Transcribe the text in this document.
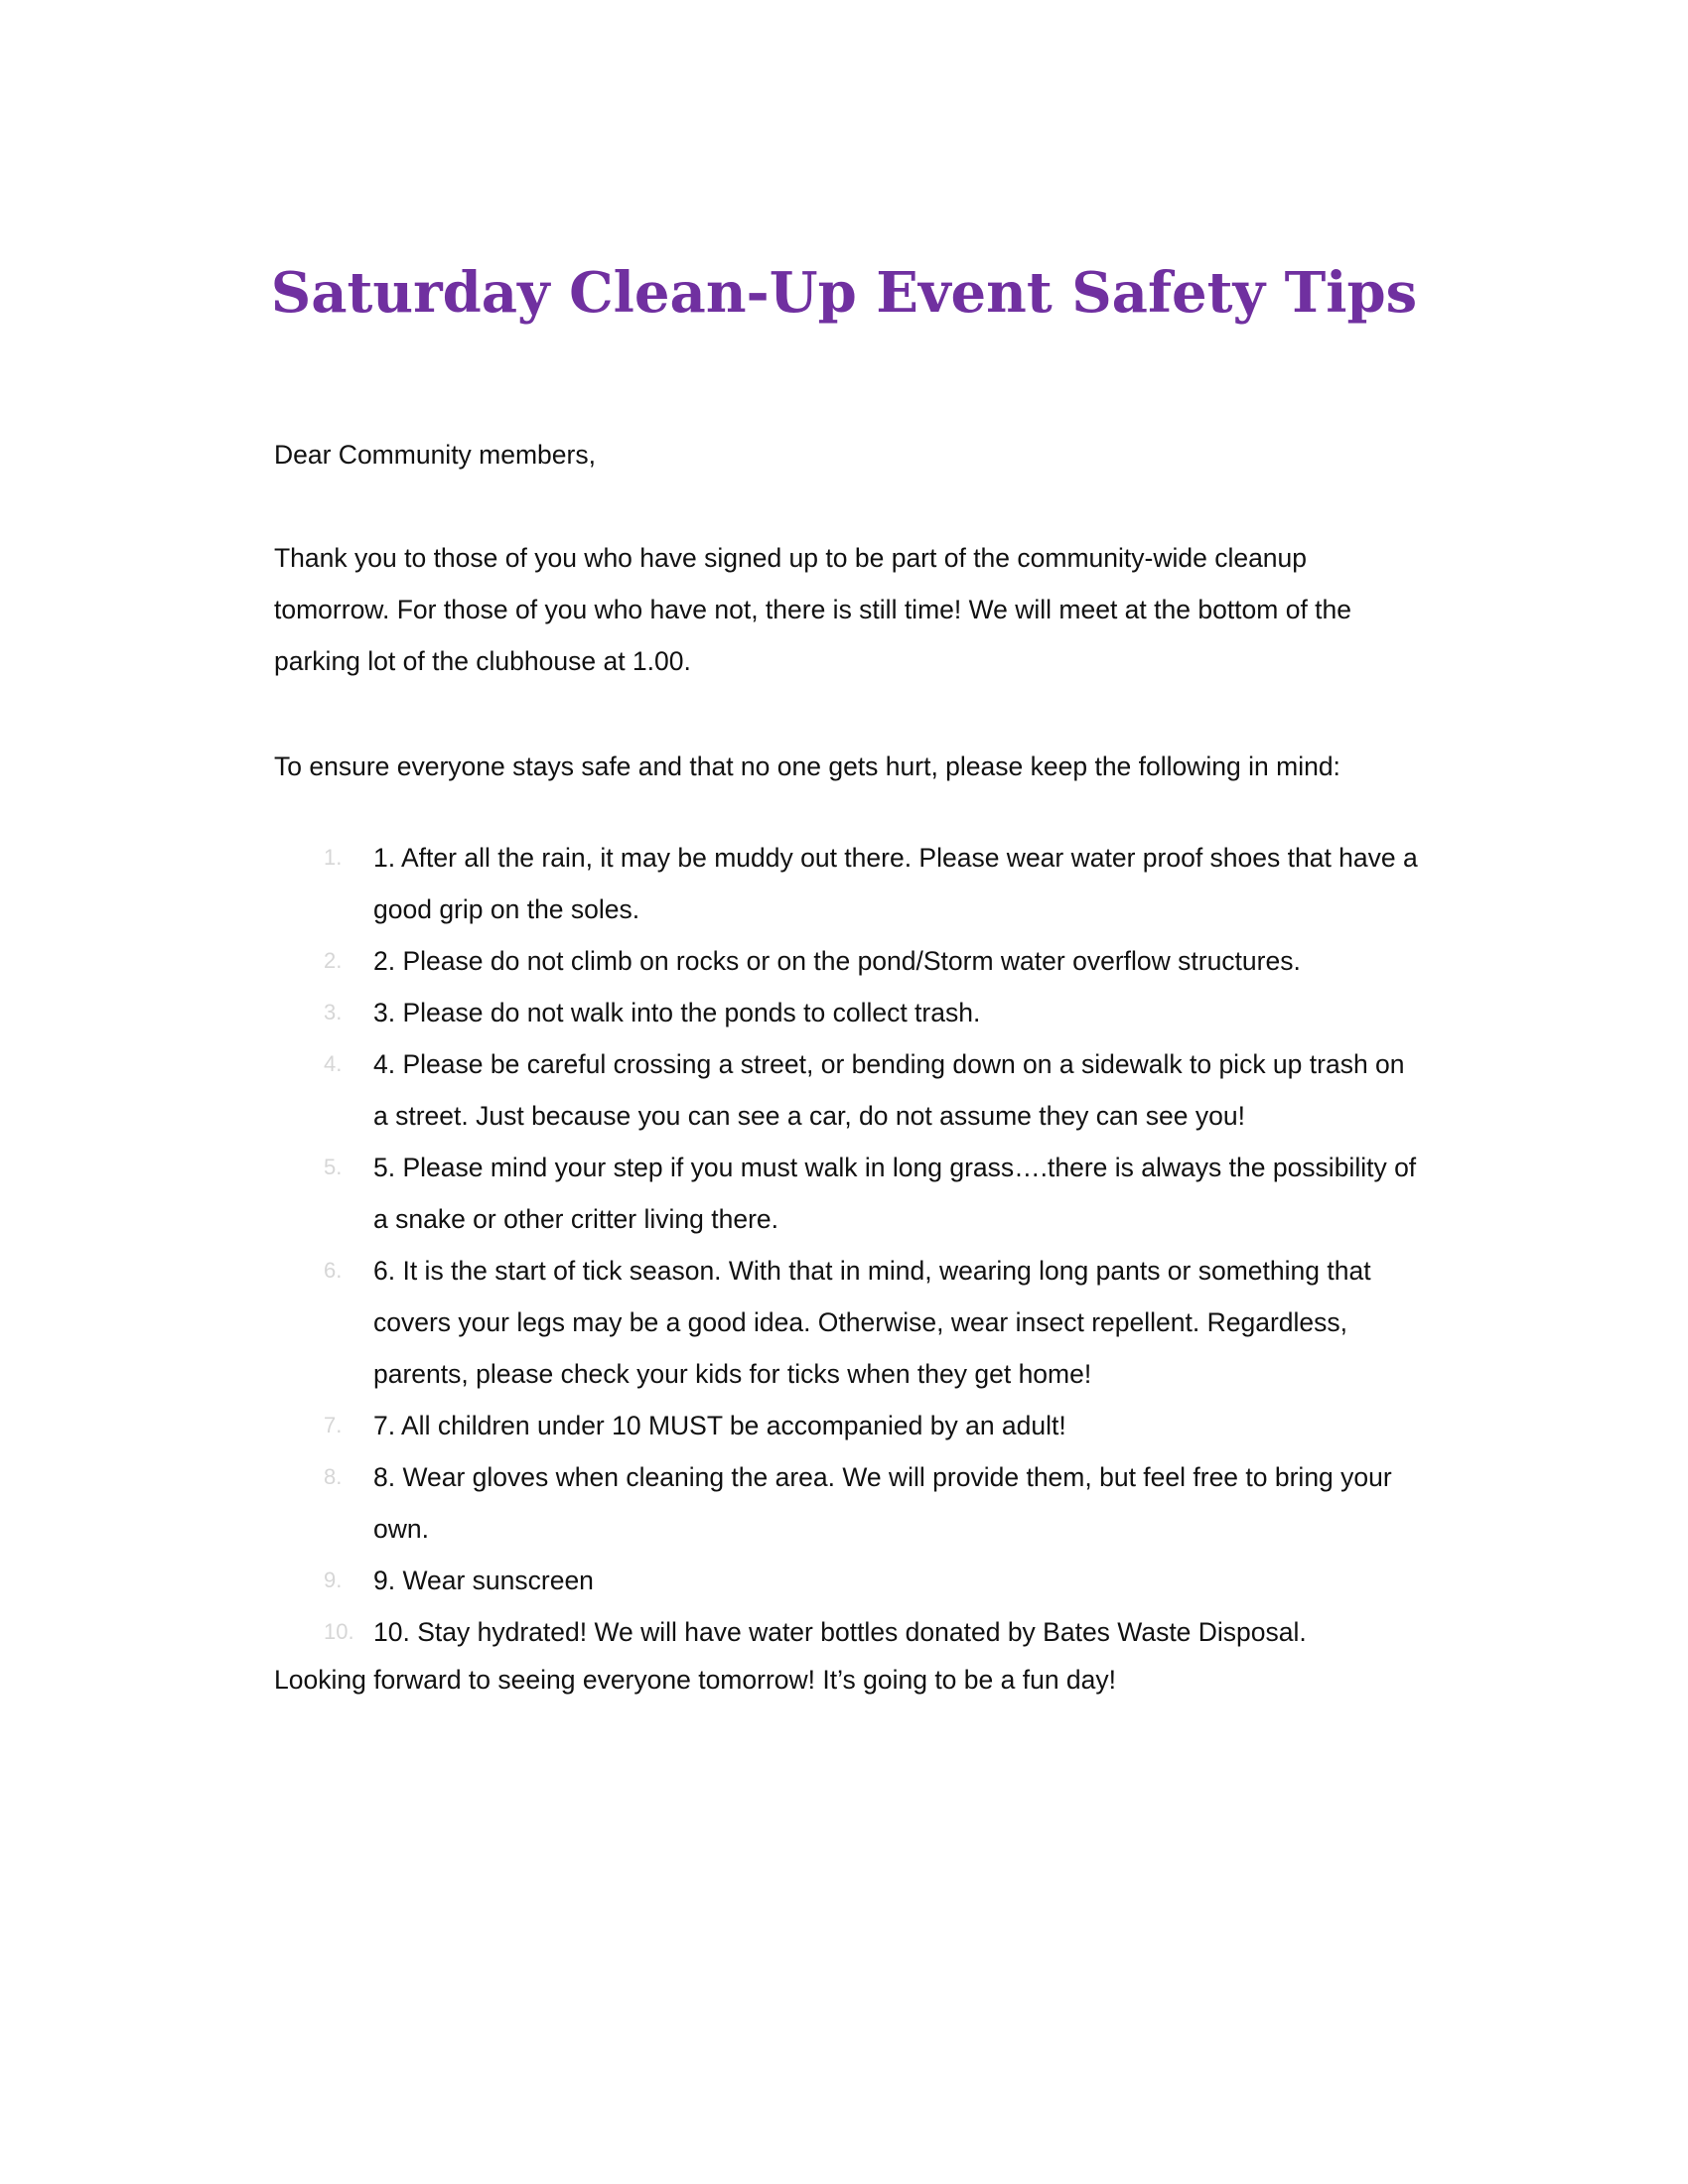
Saturday Clean-Up Event Safety Tips

Dear Community members,

Thank you to those of you who have signed up to be part of the community-wide cleanup tomorrow. For those of you who have not, there is still time! We will meet at the bottom of the parking lot of the clubhouse at 1.00.

To ensure everyone stays safe and that no one gets hurt, please keep the following in mind:

1.	1. After all the rain, it may be muddy out there. Please wear water proof shoes that have a good grip on the soles.
2.	2. Please do not climb on rocks or on the pond/Storm water overflow structures.
3.	3. Please do not walk into the ponds to collect trash.
4.	4. Please be careful crossing a street, or bending down on a sidewalk to pick up trash on a street. Just because you can see a car, do not assume they can see you!
5.	5. Please mind your step if you must walk in long grass….there is always the possibility of a snake or other critter living there.
6.	6. It is the start of tick season. With that in mind, wearing long pants or something that covers your legs may be a good idea. Otherwise, wear insect repellent. Regardless, parents, please check your kids for ticks when they get home!
7.	7. All children under 10 MUST be accompanied by an adult!
8.	8. Wear gloves when cleaning the area. We will provide them, but feel free to bring your own.
9.	9. Wear sunscreen
10. 10. Stay hydrated! We will have water bottles donated by Bates Waste Disposal.

Looking forward to seeing everyone tomorrow! It’s going to be a fun day!
